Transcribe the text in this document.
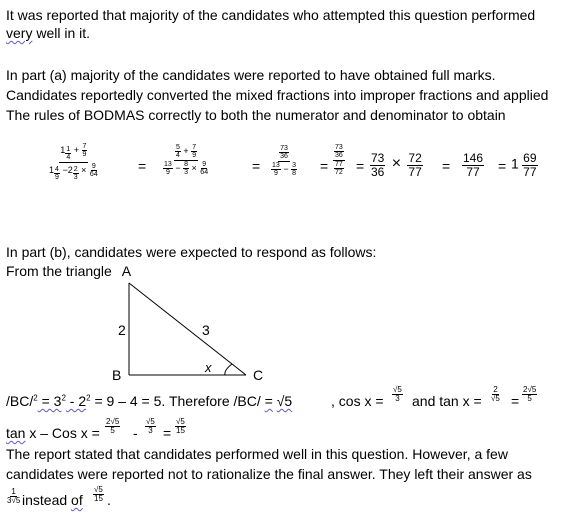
It was reported that majority of the candidates who attempted this question performed
very well in it.
In part (a) majority of the candidates were reported to have obtained full marks.
Candidates reportedly converted the mixed fractions into improper fractions and applied
The rules of BODMAS correctly to both the numerator and denominator to obtain
$\frac{1 \frac{1}{4} + \frac{7}{9}}{1 \frac{4}{9} -2 \frac{2}{3} \times \frac{9}{64}}$	= $\frac{\frac{5}{4} + \frac{7}{9}}{\frac{13}{9} - \frac{8}{3} \times \frac{9}{64}}$	= $\frac{\frac{73}{36}}{\frac{13}{9} - \frac{3}{8}} = \frac{\frac{73}{36}}{\frac{77}{72}} = \frac{73}{36} \times \frac{72}{77} = \frac{146}{77} = 1 \frac{69}{77}$
In part (b), candidates were expected to respond as follows:
From the triangle A
2	3
B	C
x
$/BC/^2 = 3^2 - 2^2 = 9 - 4 = 5$. Therefore /BC/ = √5	, $\cos x = \frac{√5}{3}$ and $\tan x = \frac{2}{√5} = \frac{2√5}{5}$
tan x – Cos $x = \frac{2√5}{5} - \frac{√5}{3} = \frac{√5}{15}$
The report stated that candidates performed well in this question. However, a few
candidates were reported not to rationalize the final answer. They left their answer as
$\frac{1}{3√5}$ instead of $\frac{√5}{15}$ .
